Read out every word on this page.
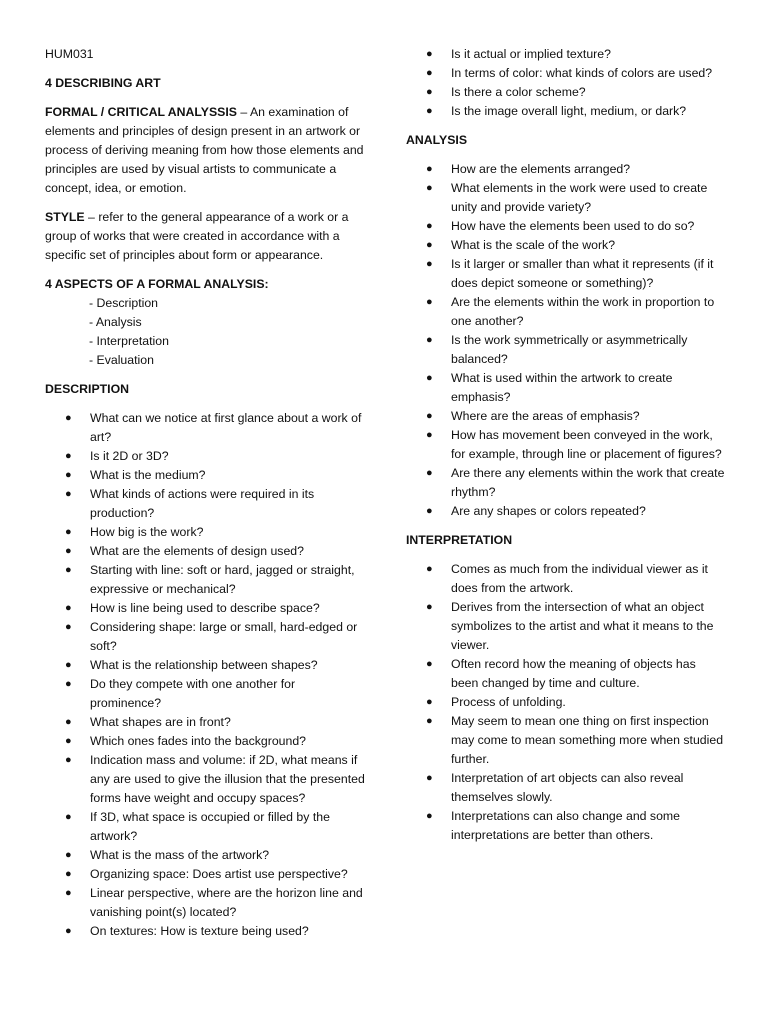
HUM031

4 DESCRIBING ART

FORMAL / CRITICAL ANALYSSIS – An examination of elements and principles of design present in an artwork or process of deriving meaning from how those elements and principles are used by visual artists to communicate a concept, idea, or emotion.

STYLE – refer to the general appearance of a work or a group of works that were created in accordance with a specific set of principles about form or appearance.

4 ASPECTS OF A FORMAL ANALYSIS:

- Description
- Analysis
- Interpretation
- Evaluation

DESCRIPTION

● What can we notice at first glance about a work of art?
● Is it 2D or 3D?
● What is the medium?
● What kinds of actions were required in its production?
● How big is the work?
● What are the elements of design used?
● Starting with line: soft or hard, jagged or straight, expressive or mechanical?
● How is line being used to describe space?
● Considering shape: large or small, hard-edged or soft?
● What is the relationship between shapes?
● Do they compete with one another for prominence?
● What shapes are in front?
● Which ones fades into the background?
● Indication mass and volume: if 2D, what means if any are used to give the illusion that the presented forms have weight and occupy spaces?
● If 3D, what space is occupied or filled by the artwork?
● What is the mass of the artwork?
● Organizing space: Does artist use perspective?
● Linear perspective, where are the horizon line and vanishing point(s) located?
● On textures: How is texture being used?
● Is it actual or implied texture?
● In terms of color: what kinds of colors are used?
● Is there a color scheme?
● Is the image overall light, medium, or dark?

ANALYSIS

● How are the elements arranged?
● What elements in the work were used to create unity and provide variety?
● How have the elements been used to do so?
● What is the scale of the work?
● Is it larger or smaller than what it represents (if it does depict someone or something)?
● Are the elements within the work in proportion to one another?
● Is the work symmetrically or asymmetrically balanced?
● What is used within the artwork to create emphasis?
● Where are the areas of emphasis?
● How has movement been conveyed in the work, for example, through line or placement of figures?
● Are there any elements within the work that create rhythm?
● Are any shapes or colors repeated?

INTERPRETATION

● Comes as much from the individual viewer as it does from the artwork.
● Derives from the intersection of what an object symbolizes to the artist and what it means to the viewer.
● Often record how the meaning of objects has been changed by time and culture.
● Process of unfolding.
● May seem to mean one thing on first inspection may come to mean something more when studied further.
● Interpretation of art objects can also reveal themselves slowly.
● Interpretations can also change and some interpretations are better than others.
